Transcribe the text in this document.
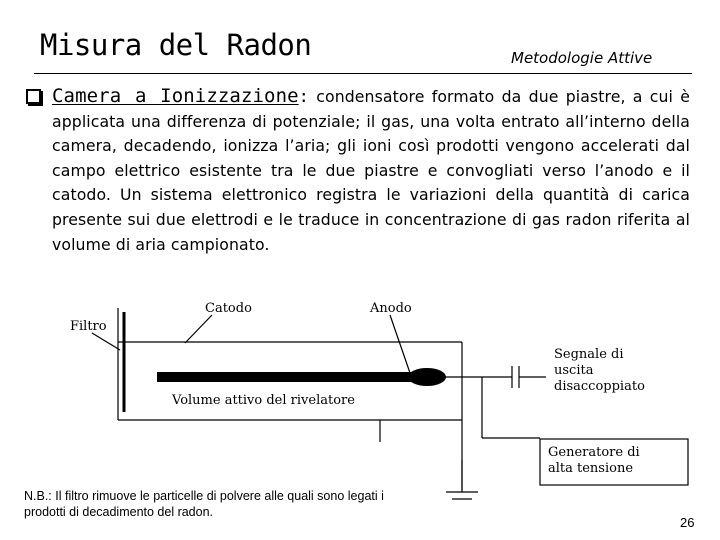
Misura del Radon	Metodologie Attive
Camera a Ionizzazione: condensatore formato da due piastre, a cui è applicata una differenza di potenziale; il gas, una volta entrato all’interno della camera, decadendo, ionizza l’aria; gli ioni così prodotti vengono accelerati dal campo elettrico esistente tra le due piastre e convogliati verso l’anodo e il catodo. Un sistema elettronico registra le variazioni della quantità di carica presente sui due elettrodi e le traduce in concentrazione di gas radon riferita al volume di aria campionato.
Filtro
Catodo	Anodo
Volume attivo del rivelatore
Segnale di
uscita
disaccoppiato
Generatore di
alta tensione
N.B.: Il filtro rimuove le particelle di polvere alle quali sono legati i prodotti di decadimento del radon.
26
